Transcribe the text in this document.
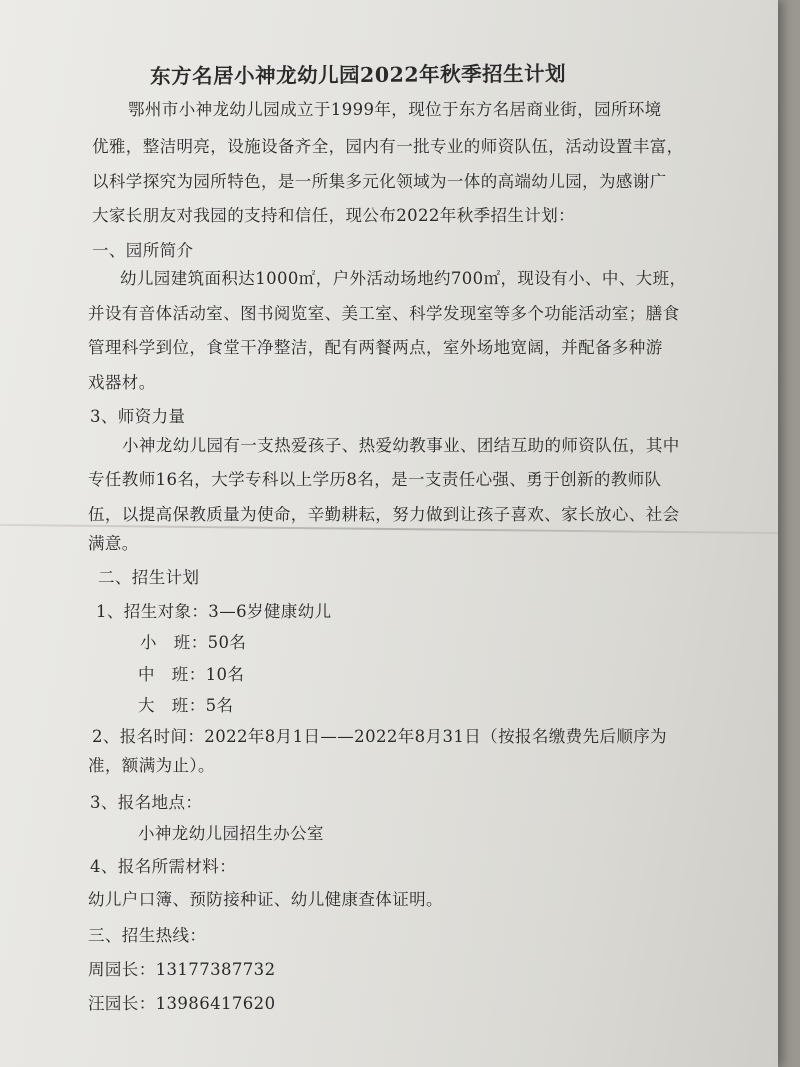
东方名居小神龙幼儿园2022年秋季招生计划
鄂州市小神龙幼儿园成立于1999年，现位于东方名居商业街，园所环境
优雅，整洁明亮，设施设备齐全，园内有一批专业的师资队伍，活动设置丰富，
以科学探究为园所特色，是一所集多元化领域为一体的高端幼儿园，为感谢广
大家长朋友对我园的支持和信任，现公布2022年秋季招生计划：
一、园所简介
幼儿园建筑面积达1000㎡，户外活动场地约700㎡，现设有小、中、大班，
并设有音体活动室、图书阅览室、美工室、科学发现室等多个功能活动室；膳食
管理科学到位，食堂干净整洁，配有两餐两点，室外场地宽阔，并配备多种游
戏器材。
3、师资力量
小神龙幼儿园有一支热爱孩子、热爱幼教事业、团结互助的师资队伍，其中
专任教师16名，大学专科以上学历8名，是一支责任心强、勇于创新的教师队
伍，以提高保教质量为使命，辛勤耕耘，努力做到让孩子喜欢、家长放心、社会
满意。
二、招生计划
1、招生对象：3—6岁健康幼儿
小　班：50名
中　班：10名
大　班：5名
2、报名时间：2022年8月1日——2022年8月31日（按报名缴费先后顺序为
准，额满为止）。
3、报名地点：
小神龙幼儿园招生办公室
4、报名所需材料：
幼儿户口簿、预防接种证、幼儿健康查体证明。
三、招生热线：
周园长：13177387732
汪园长：13986417620
